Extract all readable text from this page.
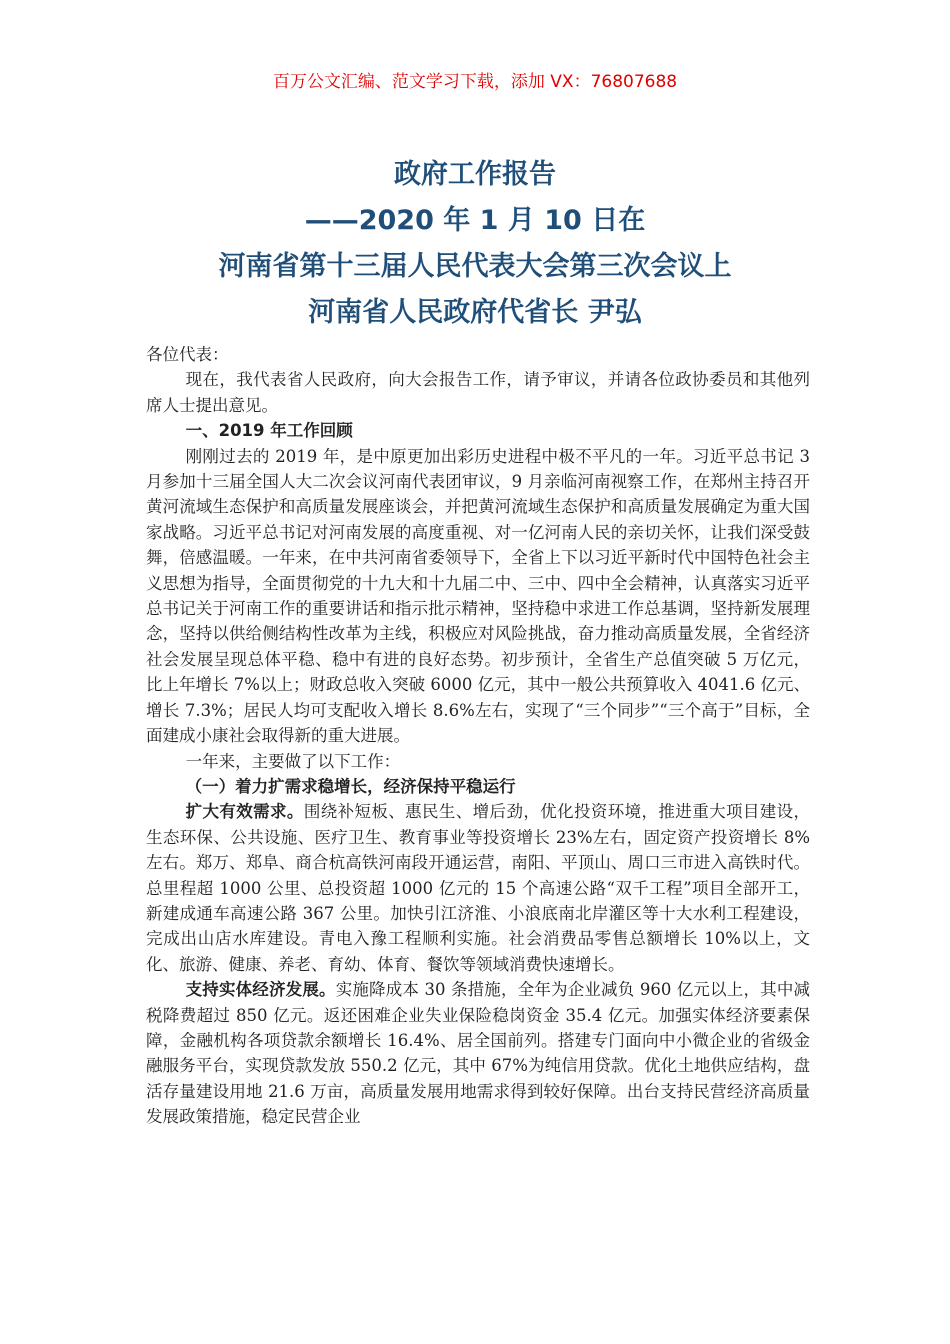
百万公文汇编、范文学习下载，添加 VX：76807688

政府工作报告

——2020 年 1 月 10 日在

河南省第十三届人民代表大会第三次会议上

河南省人民政府代省长 尹弘

各位代表：

现在，我代表省人民政府，向大会报告工作，请予审议，并请各位政协委员和其他列席人士提出意见。

一、2019 年工作回顾

刚刚过去的 2019 年，是中原更加出彩历史进程中极不平凡的一年。习近平总书记 3 月参加十三届全国人大二次会议河南代表团审议，9 月亲临河南视察工作，在郑州主持召开黄河流域生态保护和高质量发展座谈会，并把黄河流域生态保护和高质量发展确定为重大国家战略。习近平总书记对河南发展的高度重视、对一亿河南人民的亲切关怀，让我们深受鼓舞，倍感温暖。一年来，在中共河南省委领导下，全省上下以习近平新时代中国特色社会主义思想为指导，全面贯彻党的十九大和十九届二中、三中、四中全会精神，认真落实习近平总书记关于河南工作的重要讲话和指示批示精神，坚持稳中求进工作总基调，坚持新发展理念，坚持以供给侧结构性改革为主线，积极应对风险挑战，奋力推动高质量发展，全省经济社会发展呈现总体平稳、稳中有进的良好态势。初步预计，全省生产总值突破 5 万亿元，比上年增长 7%以上；财政总收入突破 6000 亿元，其中一般公共预算收入 4041.6 亿元、增长 7.3%；居民人均可支配收入增长 8.6%左右，实现了“三个同步”“三个高于”目标，全面建成小康社会取得新的重大进展。

一年来，主要做了以下工作：

（一）着力扩需求稳增长，经济保持平稳运行

扩大有效需求。围绕补短板、惠民生、增后劲，优化投资环境，推进重大项目建设，生态环保、公共设施、医疗卫生、教育事业等投资增长 23%左右，固定资产投资增长 8%左右。郑万、郑阜、商合杭高铁河南段开通运营，南阳、平顶山、周口三市进入高铁时代。总里程超 1000 公里、总投资超 1000 亿元的 15 个高速公路“双千工程”项目全部开工，新建成通车高速公路 367 公里。加快引江济淮、小浪底南北岸灌区等十大水利工程建设，完成出山店水库建设。青电入豫工程顺利实施。社会消费品零售总额增长 10%以上，文化、旅游、健康、养老、育幼、体育、餐饮等领域消费快速增长。

支持实体经济发展。实施降成本 30 条措施，全年为企业减负 960 亿元以上，其中减税降费超过 850 亿元。返还困难企业失业保险稳岗资金 35.4 亿元。加强实体经济要素保障，金融机构各项贷款余额增长 16.4%、居全国前列。搭建专门面向中小微企业的省级金融服务平台，实现贷款发放 550.2 亿元，其中 67%为纯信用贷款。优化土地供应结构，盘活存量建设用地 21.6 万亩，高质量发展用地需求得到较好保障。出台支持民营经济高质量发展政策措施，稳定民营企业
